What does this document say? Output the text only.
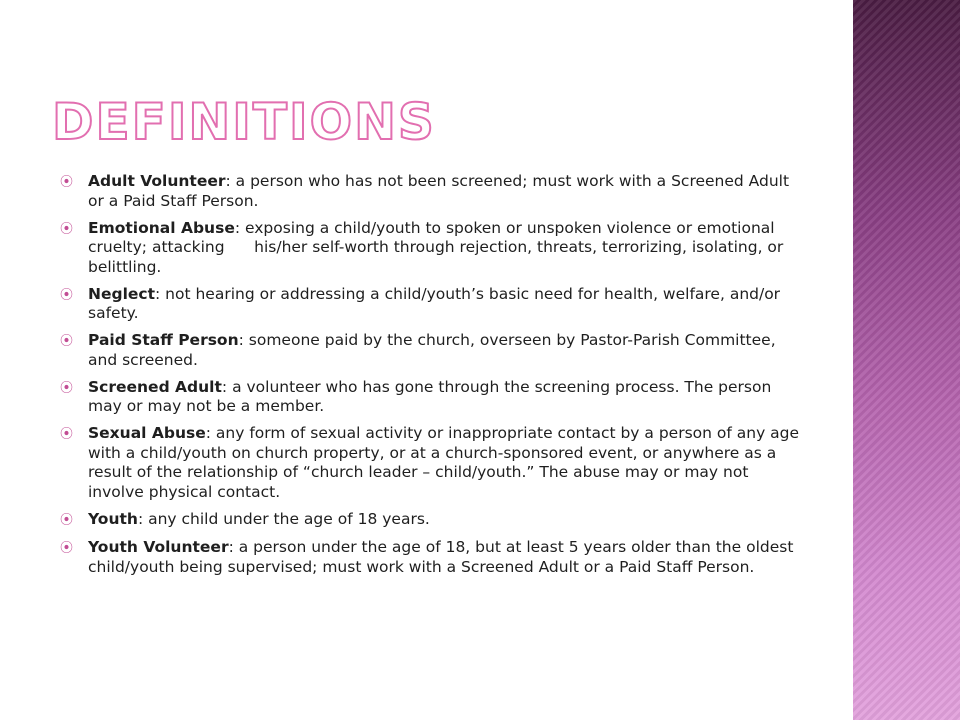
DEFINITIONS
⦿ Adult Volunteer: a person who has not been screened; must work with a Screened Adult or a Paid Staff Person.
⦿ Emotional Abuse: exposing a child/youth to spoken or unspoken violence or emotional cruelty; attacking      his/her self-worth through rejection, threats, terrorizing, isolating, or belittling.
⦿ Neglect: not hearing or addressing a child/youth’s basic need for health, welfare, and/or safety.
⦿ Paid Staff Person: someone paid by the church, overseen by Pastor-Parish Committee, and screened.
⦿ Screened Adult: a volunteer who has gone through the screening process. The person may or may not be a member.
⦿ Sexual Abuse: any form of sexual activity or inappropriate contact by a person of any age with a child/youth on church property, or at a church-sponsored event, or anywhere as a result of the relationship of “church leader – child/youth.” The abuse may or may not involve physical contact.
⦿ Youth: any child under the age of 18 years.
⦿ Youth Volunteer: a person under the age of 18, but at least 5 years older than the oldest child/youth being supervised; must work with a Screened Adult or a Paid Staff Person.
